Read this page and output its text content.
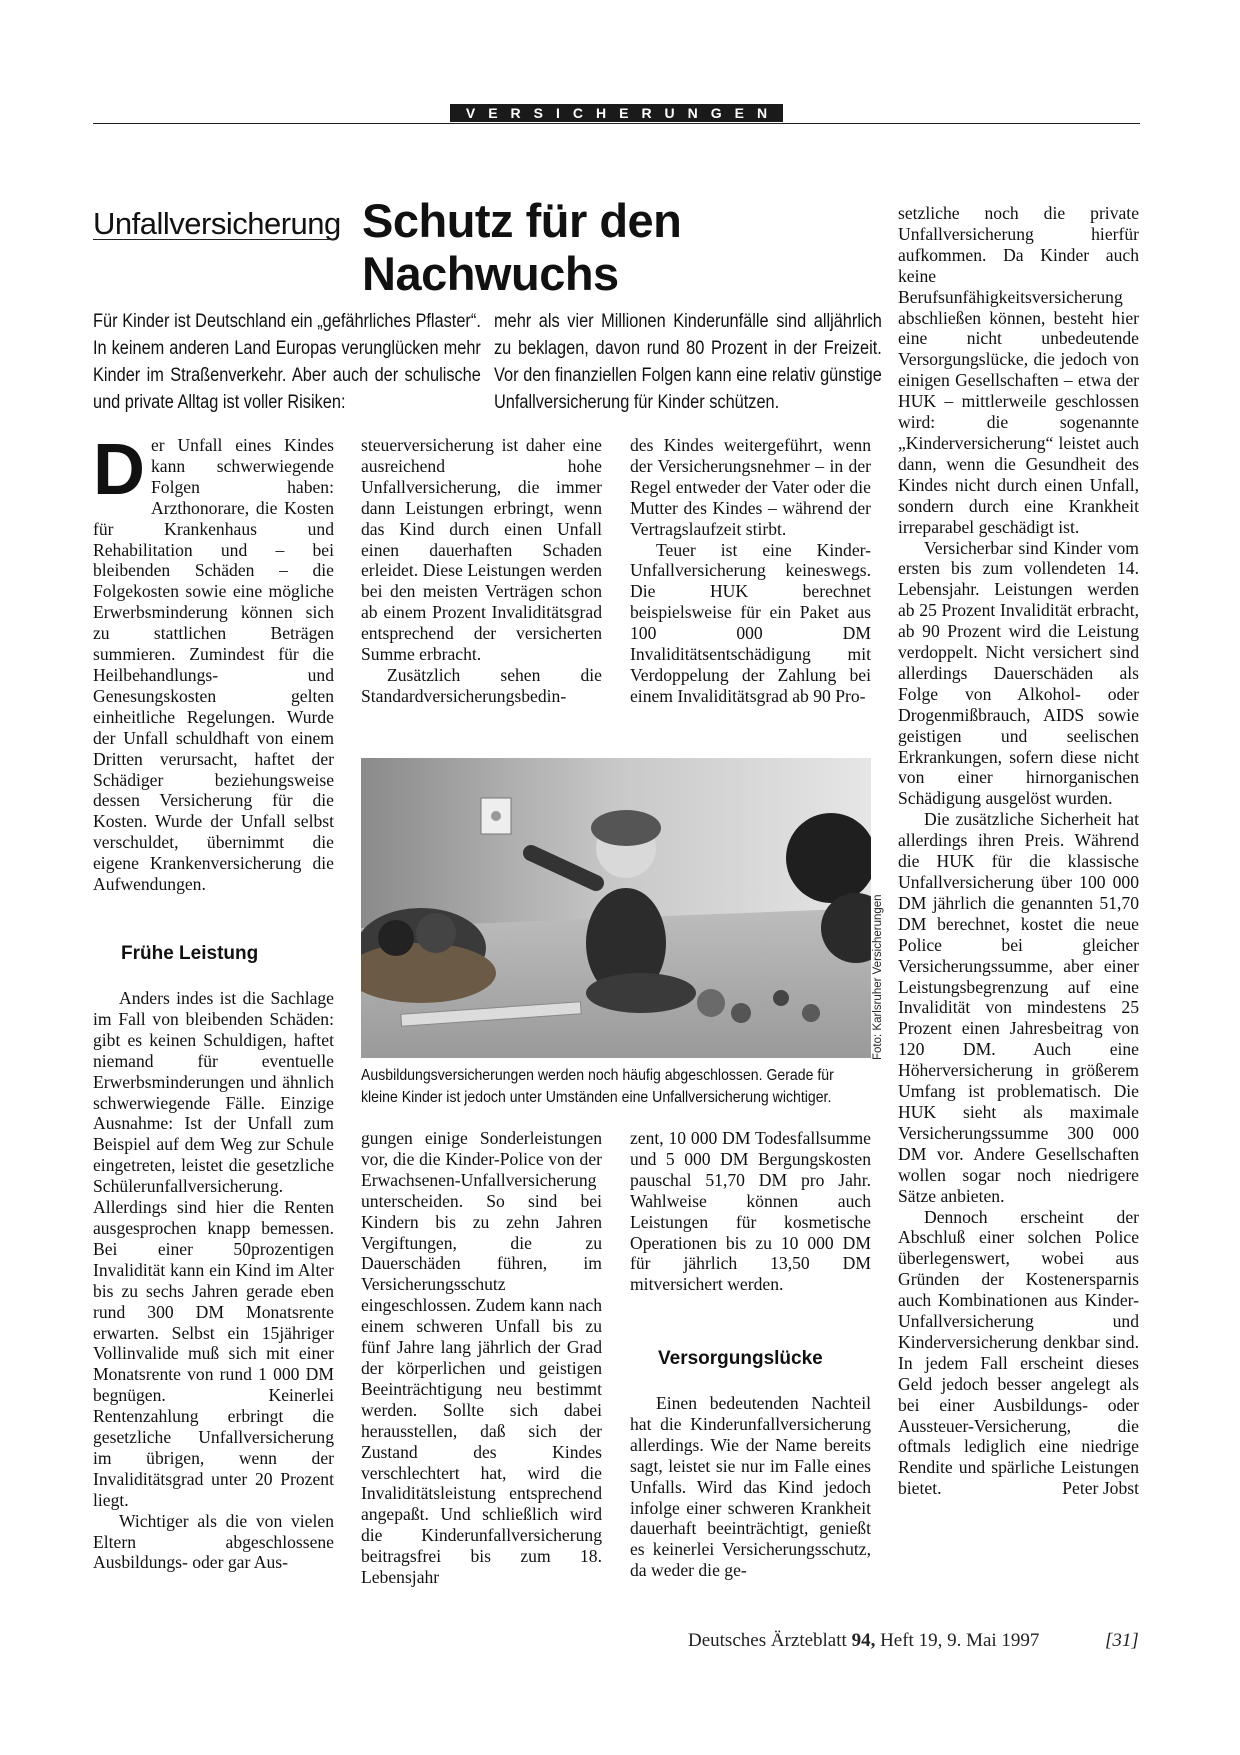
VERSICHERUNGEN
Unfallversicherung Schutz für den Nachwuchs

Für Kinder ist Deutschland ein „gefährliches Pflaster“. In keinem anderen Land Europas verunglücken mehr Kinder im Straßenverkehr. Aber auch der schulische und private Alltag ist voller Risiken:

mehr als vier Millionen Kinderunfälle sind alljährlich zu beklagen, davon rund 80 Prozent in der Freizeit. Vor den finanziellen Folgen kann eine relativ günstige Unfallversicherung für Kinder schützen.

D er Unfall eines Kindes kann schwerwiegende Folgen haben: Arzthonorare, die Kosten für Krankenhaus und Rehabilitation und – bei bleibenden Schäden – die Folgekosten sowie eine mögliche Erwerbsminderung können sich zu stattlichen Beträgen summieren. Zumindest für die Heilbehandlungs- und Genesungskosten gelten einheitliche Regelungen. Wurde der Unfall schuldhaft von einem Dritten verursacht, haftet der Schädiger beziehungsweise dessen Versicherung für die Kosten. Wurde der Unfall selbst verschuldet, übernimmt die eigene Krankenversicherung die Aufwendungen.

Frühe Leistung

Anders indes ist die Sachlage im Fall von bleibenden Schäden: gibt es keinen Schuldigen, haftet niemand für eventuelle Erwerbsminderungen und ähnlich schwerwiegende Fälle. Einzige Ausnahme: Ist der Unfall zum Beispiel auf dem Weg zur Schule eingetreten, leistet die gesetzliche Schülerunfallversicherung. Allerdings sind hier die Renten ausgesprochen knapp bemessen. Bei einer 50prozentigen Invalidität kann ein Kind im Alter bis zu sechs Jahren gerade eben rund 300 DM Monatsrente erwarten. Selbst ein 15jähriger Vollinvalide muß sich mit einer Monatsrente von rund 1 000 DM begnügen. Keinerlei Rentenzahlung erbringt die gesetzliche Unfallversicherung im übrigen, wenn der Invaliditätsgrad unter 20 Prozent liegt.

Wichtiger als die von vielen Eltern abgeschlossene Ausbildungs- oder gar Aus-

steuerversicherung ist daher eine ausreichend hohe Unfallversicherung, die immer dann Leistungen erbringt, wenn das Kind durch einen Unfall einen dauerhaften Schaden erleidet. Diese Leistungen werden bei den meisten Verträgen schon ab einem Prozent Invaliditätsgrad entsprechend der versicherten Summe erbracht.

Zusätzlich sehen die Standardversicherungsbedin-

des Kindes weitergeführt, wenn der Versicherungsnehmer – in der Regel entweder der Vater oder die Mutter des Kindes – während der Vertragslaufzeit stirbt.

Teuer ist eine Kinder-Unfallversicherung keineswegs. Die HUK berechnet beispielsweise für ein Paket aus 100 000 DM Invaliditätsentschädigung mit Verdoppelung der Zahlung bei einem Invaliditätsgrad ab 90 Pro-

Foto: Karlsruher Versicherungen

Ausbildungsversicherungen werden noch häufig abgeschlossen. Gerade für kleine Kinder ist jedoch unter Umständen eine Unfallversicherung wichtiger.

gungen einige Sonderleistungen vor, die die Kinder-Police von der Erwachsenen-Unfallversicherung unterscheiden. So sind bei Kindern bis zu zehn Jahren Vergiftungen, die zu Dauerschäden führen, im Versicherungsschutz eingeschlossen. Zudem kann nach einem schweren Unfall bis zu fünf Jahre lang jährlich der Grad der körperlichen und geistigen Beeinträchtigung neu bestimmt werden. Sollte sich dabei herausstellen, daß sich der Zustand des Kindes verschlechtert hat, wird die Invaliditätsleistung entsprechend angepaßt. Und schließlich wird die Kinderunfallversicherung beitragsfrei bis zum 18. Lebensjahr

zent, 10 000 DM Todesfallsumme und 5 000 DM Bergungskosten pauschal 51,70 DM pro Jahr. Wahlweise können auch Leistungen für kosmetische Operationen bis zu 10 000 DM für jährlich 13,50 DM mitversichert werden.

Versorgungslücke

Einen bedeutenden Nachteil hat die Kinderunfallversicherung allerdings. Wie der Name bereits sagt, leistet sie nur im Falle eines Unfalls. Wird das Kind jedoch infolge einer schweren Krankheit dauerhaft beeinträchtigt, genießt es keinerlei Versicherungsschutz, da weder die ge-

setzliche noch die private Unfallversicherung hierfür aufkommen. Da Kinder auch keine Berufsunfähigkeitsversicherung abschließen können, besteht hier eine nicht unbedeutende Versorgungslücke, die jedoch von einigen Gesellschaften – etwa der HUK – mittlerweile geschlossen wird: die sogenannte „Kinderversicherung“ leistet auch dann, wenn die Gesundheit des Kindes nicht durch einen Unfall, sondern durch eine Krankheit irreparabel geschädigt ist.

Versicherbar sind Kinder vom ersten bis zum vollendeten 14. Lebensjahr. Leistungen werden ab 25 Prozent Invalidität erbracht, ab 90 Prozent wird die Leistung verdoppelt. Nicht versichert sind allerdings Dauerschäden als Folge von Alkohol- oder Drogenmißbrauch, AIDS sowie geistigen und seelischen Erkrankungen, sofern diese nicht von einer hirnorganischen Schädigung ausgelöst wurden.

Die zusätzliche Sicherheit hat allerdings ihren Preis. Während die HUK für die klassische Unfallversicherung über 100 000 DM jährlich die genannten 51,70 DM berechnet, kostet die neue Police bei gleicher Versicherungssumme, aber einer Leistungsbegrenzung auf eine Invalidität von mindestens 25 Prozent einen Jahresbeitrag von 120 DM. Auch eine Höherversicherung in größerem Umfang ist problematisch. Die HUK sieht als maximale Versicherungssumme 300 000 DM vor. Andere Gesellschaften wollen sogar noch niedrigere Sätze anbieten.

Dennoch erscheint der Abschluß einer solchen Police überlegenswert, wobei aus Gründen der Kostenersparnis auch Kombinationen aus Kinder-Unfallversicherung und Kinderversicherung denkbar sind. In jedem Fall erscheint dieses Geld jedoch besser angelegt als bei einer Ausbildungs- oder Aussteuer-Versicherung, die oftmals lediglich eine niedrige Rendite und spärliche Leistungen bietet.	Peter Jobst

Deutsches Ärzteblatt 94, Heft 19, 9. Mai 1997	[31]
